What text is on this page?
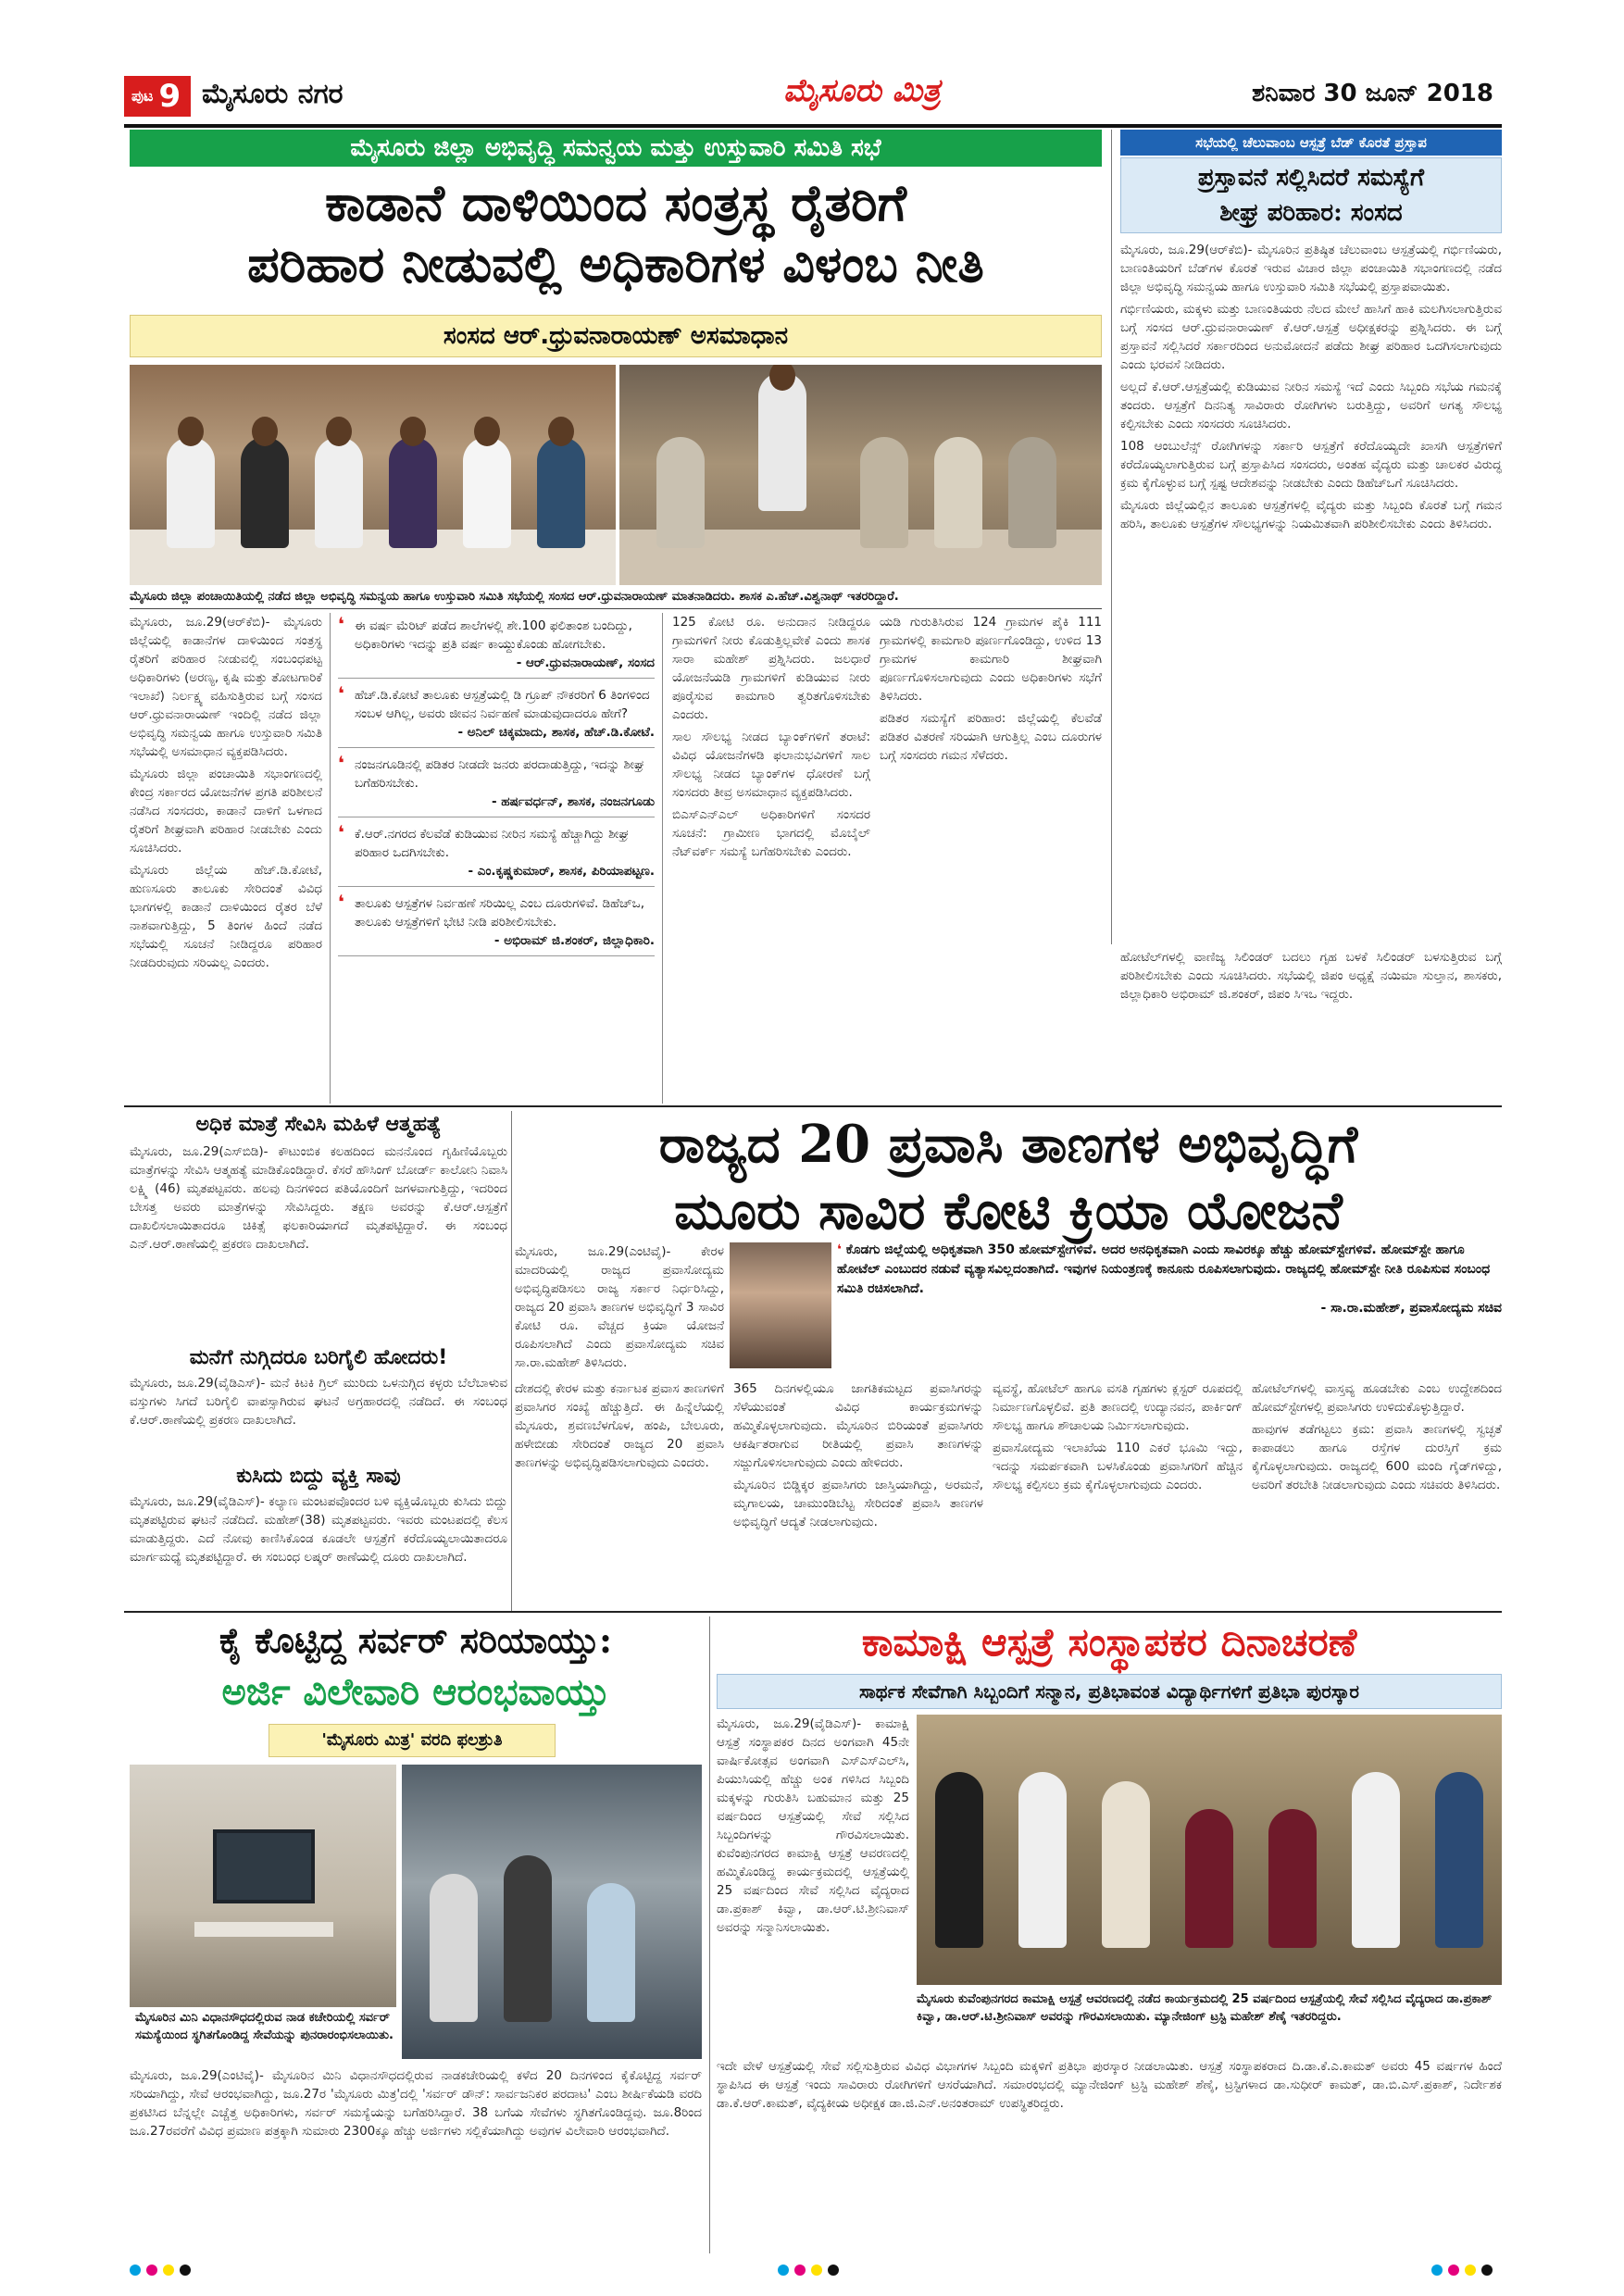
ಪುಟ 9 ಮೈಸೂರು ನಗರ	ಮೈಸೂರು ಮಿತ್ರ	ಶನಿವಾರ 30 ಜೂನ್ 2018
ಮೈಸೂರು ಜಿಲ್ಲಾ ಅಭಿವೃದ್ಧಿ ಸಮನ್ವಯ ಮತ್ತು ಉಸ್ತುವಾರಿ ಸಮಿತಿ ಸಭೆ
ಕಾಡಾನೆ ದಾಳಿಯಿಂದ ಸಂತ್ರಸ್ಥ ರೈತರಿಗೆ
ಪರಿಹಾರ ನೀಡುವಲ್ಲಿ ಅಧಿಕಾರಿಗಳ ವಿಳಂಬ ನೀತಿ
ಸಂಸದ ಆರ್.ಧ್ರುವನಾರಾಯಣ್ ಅಸಮಾಧಾನ
ಮೈಸೂರು ಜಿಲ್ಲಾ ಪಂಚಾಯಿತಿಯಲ್ಲಿ ನಡೆದ ಜಿಲ್ಲಾ ಅಭಿವೃದ್ಧಿ ಸಮನ್ವಯ ಹಾಗೂ ಉಸ್ತುವಾರಿ ಸಮಿತಿ ಸಭೆಯಲ್ಲಿ ಸಂಸದ ಆರ್.ಧ್ರುವನಾರಾಯಣ್ ಮಾತನಾಡಿದರು. ಶಾಸಕ ಎ.ಹೆಚ್.ವಿಶ್ವನಾಥ್ ಇತರರಿದ್ದಾರೆ.

ಮೈಸೂರು, ಜೂ.29(ಆರ್‌ಕೆಬಿ)- ಮೈಸೂರು ಜಿಲ್ಲೆಯಲ್ಲಿ ಕಾಡಾನೆಗಳ ದಾಳಿಯಿಂದ ಸಂತ್ರಸ್ಥ ರೈತರಿಗೆ ಪರಿಹಾರ ನೀಡುವಲ್ಲಿ ಸಂಬಂಧಪಟ್ಟ ಅಧಿಕಾರಿಗಳು (ಅರಣ್ಯ, ಕೃಷಿ ಮತ್ತು ತೋಟಗಾರಿಕೆ ಇಲಾಖೆ) ನಿರ್ಲಕ್ಷ್ಯ ವಹಿಸುತ್ತಿರುವ ಬಗ್ಗೆ ಸಂಸದ ಆರ್.ಧ್ರುವನಾರಾಯಣ್ ಇಂದಿಲ್ಲಿ ನಡೆದ ಜಿಲ್ಲಾ ಅಭಿವೃದ್ಧಿ ಸಮನ್ವಯ ಹಾಗೂ ಉಸ್ತುವಾರಿ ಸಮಿತಿ ಸಭೆಯಲ್ಲಿ ಅಸಮಾಧಾನ ವ್ಯಕ್ತಪಡಿಸಿದರು.

ಮೈಸೂರು ಜಿಲ್ಲಾ ಪಂಚಾಯಿತಿ ಸಭಾಂಗಣದಲ್ಲಿ ಕೇಂದ್ರ ಸರ್ಕಾರದ ಯೋಜನೆಗಳ ಪ್ರಗತಿ ಪರಿಶೀಲನೆ ನಡೆಸಿದ ಸಂಸದರು, ಕಾಡಾನೆ ದಾಳಿಗೆ ಒಳಗಾದ ರೈತರಿಗೆ ಶೀಘ್ರವಾಗಿ ಪರಿಹಾರ ನೀಡಬೇಕು ಎಂದು ಸೂಚಿಸಿದರು.

ಮೈಸೂರು ಜಿಲ್ಲೆಯ ಹೆಚ್.ಡಿ.ಕೋಟೆ, ಹುಣಸೂರು ತಾಲೂಕು ಸೇರಿದಂತೆ ವಿವಿಧ ಭಾಗಗಳಲ್ಲಿ ಕಾಡಾನೆ ದಾಳಿಯಿಂದ ರೈತರ ಬೆಳೆ ನಾಶವಾಗುತ್ತಿದ್ದು, 5 ತಿಂಗಳ ಹಿಂದೆ ನಡೆದ ಸಭೆಯಲ್ಲಿ ಸೂಚನೆ ನೀಡಿದ್ದರೂ ಪರಿಹಾರ ನೀಡದಿರುವುದು ಸರಿಯಲ್ಲ ಎಂದರು.

❛ ಈ ವರ್ಷ ಮೆರಿಟ್ ಪಡೆದ ಶಾಲೆಗಳಲ್ಲಿ ಶೇ.100 ಫಲಿತಾಂಶ ಬಂದಿದ್ದು, ಅಧಿಕಾರಿಗಳು ಇದನ್ನು ಪ್ರತಿ ವರ್ಷ ಕಾಯ್ದುಕೊಂಡು ಹೋಗಬೇಕು.
- ಆರ್.ಧ್ರುವನಾರಾಯಣ್, ಸಂಸದ
❛ ಹೆಚ್.ಡಿ.ಕೋಟೆ ತಾಲೂಕು ಆಸ್ಪತ್ರೆಯಲ್ಲಿ ಡಿ ಗ್ರೂಪ್ ನೌಕರರಿಗೆ 6 ತಿಂಗಳಿಂದ ಸಂಬಳ ಆಗಿಲ್ಲ, ಅವರು ಜೀವನ ನಿರ್ವಹಣೆ ಮಾಡುವುದಾದರೂ ಹೇಗೆ?
- ಅನಿಲ್ ಚಿಕ್ಕಮಾದು, ಶಾಸಕ, ಹೆಚ್.ಡಿ.ಕೋಟೆ.
❛ ನಂಜನಗೂಡಿನಲ್ಲಿ ಪಡಿತರ ನೀಡದೇ ಜನರು ಪರದಾಡುತ್ತಿದ್ದು, ಇದನ್ನು ಶೀಘ್ರ ಬಗೆಹರಿಸಬೇಕು.
- ಹರ್ಷವರ್ಧನ್, ಶಾಸಕ, ನಂಜನಗೂಡು
❛ ಕೆ.ಆರ್.ನಗರದ ಕೆಲವೆಡೆ ಕುಡಿಯುವ ನೀರಿನ ಸಮಸ್ಯೆ ಹೆಚ್ಚಾಗಿದ್ದು ಶೀಘ್ರ ಪರಿಹಾರ ಒದಗಿಸಬೇಕು.
- ಎಂ.ಕೃಷ್ಣಕುಮಾರ್, ಶಾಸಕ, ಪಿರಿಯಾಪಟ್ಟಣ.
❛ ತಾಲೂಕು ಆಸ್ಪತ್ರೆಗಳ ನಿರ್ವಹಣೆ ಸರಿಯಿಲ್ಲ ಎಂಬ ದೂರುಗಳಿವೆ. ಡಿಹೆಚ್‌ಒ, ತಾಲೂಕು ಆಸ್ಪತ್ರೆಗಳಿಗೆ ಭೇಟಿ ನೀಡಿ ಪರಿಶೀಲಿಸಬೇಕು.
- ಅಭಿರಾಮ್ ಜಿ.ಶಂಕರ್, ಜಿಲ್ಲಾಧಿಕಾರಿ.

125 ಕೋಟಿ ರೂ. ಅನುದಾನ ನೀಡಿದ್ದರೂ ಗ್ರಾಮಗಳಿಗೆ ನೀರು ಕೊಡುತ್ತಿಲ್ಲವೇಕೆ ಎಂದು ಶಾಸಕ ಸಾರಾ ಮಹೇಶ್ ಪ್ರಶ್ನಿಸಿದರು. ಜಲಧಾರೆ ಯೋಜನೆಯಡಿ ಗ್ರಾಮಗಳಿಗೆ ಕುಡಿಯುವ ನೀರು ಪೂರೈಸುವ ಕಾಮಗಾರಿ ತ್ವರಿತಗೊಳಿಸಬೇಕು ಎಂದರು.

ಸಾಲ ಸೌಲಭ್ಯ ನೀಡದ ಬ್ಯಾಂಕ್‌ಗಳಿಗೆ ತರಾಟೆ: ವಿವಿಧ ಯೋಜನೆಗಳಡಿ ಫಲಾನುಭವಿಗಳಿಗೆ ಸಾಲ ಸೌಲಭ್ಯ ನೀಡದ ಬ್ಯಾಂಕ್‌ಗಳ ಧೋರಣೆ ಬಗ್ಗೆ ಸಂಸದರು ತೀವ್ರ ಅಸಮಾಧಾನ ವ್ಯಕ್ತಪಡಿಸಿದರು.

ಬಿಎಸ್‌ಎನ್‌ಎಲ್ ಅಧಿಕಾರಿಗಳಿಗೆ ಸಂಸದರ ಸೂಚನೆ: ಗ್ರಾಮೀಣ ಭಾಗದಲ್ಲಿ ಮೊಬೈಲ್ ನೆಟ್‌ವರ್ಕ್ ಸಮಸ್ಯೆ ಬಗೆಹರಿಸಬೇಕು ಎಂದರು.

ಸಭೆಯಲ್ಲಿ ಚೆಲುವಾಂಬ ಆಸ್ಪತ್ರೆ ಬೆಡ್ ಕೊರತೆ ಪ್ರಸ್ತಾಪ
ಪ್ರಸ್ತಾವನೆ ಸಲ್ಲಿಸಿದರೆ ಸಮಸ್ಯೆಗೆ
ಶೀಘ್ರ ಪರಿಹಾರ: ಸಂಸದ

ಮೈಸೂರು, ಜೂ.29(ಆರ್‌ಕೆಬಿ)- ಮೈಸೂರಿನ ಪ್ರತಿಷ್ಠಿತ ಚೆಲುವಾಂಬ ಆಸ್ಪತ್ರೆಯಲ್ಲಿ ಗರ್ಭಿಣಿಯರು, ಬಾಣಂತಿಯರಿಗೆ ಬೆಡ್‌ಗಳ ಕೊರತೆ ಇರುವ ವಿಚಾರ ಜಿಲ್ಲಾ ಪಂಚಾಯಿತಿ ಸಭಾಂಗಣದಲ್ಲಿ ನಡೆದ ಜಿಲ್ಲಾ ಅಭಿವೃದ್ಧಿ ಸಮನ್ವಯ ಹಾಗೂ ಉಸ್ತುವಾರಿ ಸಮಿತಿ ಸಭೆಯಲ್ಲಿ ಪ್ರಸ್ತಾಪವಾಯಿತು.

ಗರ್ಭಿಣಿಯರು, ಮಕ್ಕಳು ಮತ್ತು ಬಾಣಂತಿಯರು ನೆಲದ ಮೇಲೆ ಹಾಸಿಗೆ ಹಾಕಿ ಮಲಗಿಸಲಾಗುತ್ತಿರುವ ಬಗ್ಗೆ ಸಂಸದ ಆರ್.ಧ್ರುವನಾರಾಯಣ್ ಕೆ.ಆರ್.ಆಸ್ಪತ್ರೆ ಅಧೀಕ್ಷಕರನ್ನು ಪ್ರಶ್ನಿಸಿದರು. ಈ ಬಗ್ಗೆ ಪ್ರಸ್ತಾವನೆ ಸಲ್ಲಿಸಿದರೆ ಸರ್ಕಾರದಿಂದ ಅನುಮೋದನೆ ಪಡೆದು ಶೀಘ್ರ ಪರಿಹಾರ ಒದಗಿಸಲಾಗುವುದು ಎಂದು ಭರವಸೆ ನೀಡಿದರು.

ಅಲ್ಲದೆ ಕೆ.ಆರ್.ಆಸ್ಪತ್ರೆಯಲ್ಲಿ ಕುಡಿಯುವ ನೀರಿನ ಸಮಸ್ಯೆ ಇದೆ ಎಂದು ಸಿಬ್ಬಂದಿ ಸಭೆಯ ಗಮನಕ್ಕೆ ತಂದರು. ಆಸ್ಪತ್ರೆಗೆ ದಿನನಿತ್ಯ ಸಾವಿರಾರು ರೋಗಿಗಳು ಬರುತ್ತಿದ್ದು, ಅವರಿಗೆ ಅಗತ್ಯ ಸೌಲಭ್ಯ ಕಲ್ಪಿಸಬೇಕು ಎಂದು ಸಂಸದರು ಸೂಚಿಸಿದರು.

108 ಆಂಬುಲೆನ್ಸ್ ರೋಗಿಗಳನ್ನು ಸರ್ಕಾರಿ ಆಸ್ಪತ್ರೆಗೆ ಕರೆದೊಯ್ಯದೇ ಖಾಸಗಿ ಆಸ್ಪತ್ರೆಗಳಿಗೆ ಕರೆದೊಯ್ಯಲಾಗುತ್ತಿರುವ ಬಗ್ಗೆ ಪ್ರಸ್ತಾಪಿಸಿದ ಸಂಸದರು, ಅಂತಹ ವೈದ್ಯರು ಮತ್ತು ಚಾಲಕರ ವಿರುದ್ಧ ಕ್ರಮ ಕೈಗೊಳ್ಳುವ ಬಗ್ಗೆ ಸ್ಪಷ್ಟ ಆದೇಶವನ್ನು ನೀಡಬೇಕು ಎಂದು ಡಿಹೆಚ್‌ಒಗೆ ಸೂಚಿಸಿದರು.

ಮೈಸೂರು ಜಿಲ್ಲೆಯಲ್ಲಿನ ತಾಲೂಕು ಆಸ್ಪತ್ರೆಗಳಲ್ಲಿ ವೈದ್ಯರು ಮತ್ತು ಸಿಬ್ಬಂದಿ ಕೊರತೆ ಬಗ್ಗೆ ಗಮನ ಹರಿಸಿ, ತಾಲೂಕು ಆಸ್ಪತ್ರೆಗಳ ಸೌಲಭ್ಯಗಳನ್ನು ನಿಯಮಿತವಾಗಿ ಪರಿಶೀಲಿಸಬೇಕು ಎಂದು ತಿಳಿಸಿದರು.

ಯಡಿ ಗುರುತಿಸಿರುವ 124 ಗ್ರಾಮಗಳ ಪೈಕಿ 111 ಗ್ರಾಮಗಳಲ್ಲಿ ಕಾಮಗಾರಿ ಪೂರ್ಣಗೊಂಡಿದ್ದು, ಉಳಿದ 13 ಗ್ರಾಮಗಳ ಕಾಮಗಾರಿ ಶೀಘ್ರವಾಗಿ ಪೂರ್ಣಗೊಳಿಸಲಾಗುವುದು ಎಂದು ಅಧಿಕಾರಿಗಳು ಸಭೆಗೆ ತಿಳಿಸಿದರು.

ಪಡಿತರ ಸಮಸ್ಯೆಗೆ ಪರಿಹಾರ: ಜಿಲ್ಲೆಯಲ್ಲಿ ಕೆಲವೆಡೆ ಪಡಿತರ ವಿತರಣೆ ಸರಿಯಾಗಿ ಆಗುತ್ತಿಲ್ಲ ಎಂಬ ದೂರುಗಳ ಬಗ್ಗೆ ಸಂಸದರು ಗಮನ ಸೆಳೆದರು.

ಹೋಟೆಲ್‌ಗಳಲ್ಲಿ ವಾಣಿಜ್ಯ ಸಿಲಿಂಡರ್ ಬದಲು ಗೃಹ ಬಳಕೆ ಸಿಲಿಂಡರ್ ಬಳಸುತ್ತಿರುವ ಬಗ್ಗೆ ಪರಿಶೀಲಿಸಬೇಕು ಎಂದು ಸೂಚಿಸಿದರು. ಸಭೆಯಲ್ಲಿ ಜಿಪಂ ಅಧ್ಯಕ್ಷೆ ನಯಿಮಾ ಸುಲ್ತಾನ, ಶಾಸಕರು, ಜಿಲ್ಲಾಧಿಕಾರಿ ಅಭಿರಾಮ್ ಜಿ.ಶಂಕರ್, ಜಿಪಂ ಸಿಇಒ ಇದ್ದರು.

ಅಧಿಕ ಮಾತ್ರೆ ಸೇವಿಸಿ ಮಹಿಳೆ ಆತ್ಮಹತ್ಯೆ

ಮೈಸೂರು, ಜೂ.29(ಎಸ್‌ಬಿಡಿ)- ಕೌಟುಂಬಿಕ ಕಲಹದಿಂದ ಮನನೊಂದ ಗೃಹಿಣಿಯೊಬ್ಬರು ಮಾತ್ರೆಗಳನ್ನು ಸೇವಿಸಿ ಆತ್ಮಹತ್ಯೆ ಮಾಡಿಕೊಂಡಿದ್ದಾರೆ. ಕೆಸರೆ ಹೌಸಿಂಗ್ ಬೋರ್ಡ್ ಕಾಲೋನಿ ನಿವಾಸಿ ಲಕ್ಷ್ಮಿ (46) ಮೃತಪಟ್ಟವರು. ಹಲವು ದಿನಗಳಿಂದ ಪತಿಯೊಂದಿಗೆ ಜಗಳವಾಗುತ್ತಿದ್ದು, ಇದರಿಂದ ಬೇಸತ್ತ ಅವರು ಮಾತ್ರೆಗಳನ್ನು ಸೇವಿಸಿದ್ದರು. ತಕ್ಷಣ ಅವರನ್ನು ಕೆ.ಆರ್.ಆಸ್ಪತ್ರೆಗೆ ದಾಖಲಿಸಲಾಯಿತಾದರೂ ಚಿಕಿತ್ಸೆ ಫಲಕಾರಿಯಾಗದೆ ಮೃತಪಟ್ಟಿದ್ದಾರೆ. ಈ ಸಂಬಂಧ ಎನ್.ಆರ್.ಠಾಣೆಯಲ್ಲಿ ಪ್ರಕರಣ ದಾಖಲಾಗಿದೆ.

ಮನೆಗೆ ನುಗ್ಗಿದರೂ ಬರಿಗೈಲಿ ಹೋದರು!

ಮೈಸೂರು, ಜೂ.29(ವೈಡಿಎಸ್)- ಮನೆ ಕಿಟಕಿ ಗ್ರಿಲ್ ಮುರಿದು ಒಳನುಗ್ಗಿದ ಕಳ್ಳರು ಬೆಲೆಬಾಳುವ ವಸ್ತುಗಳು ಸಿಗದೆ ಬರಿಗೈಲಿ ವಾಪಸ್ಸಾಗಿರುವ ಘಟನೆ ಅಗ್ರಹಾರದಲ್ಲಿ ನಡೆದಿದೆ. ಈ ಸಂಬಂಧ ಕೆ.ಆರ್.ಠಾಣೆಯಲ್ಲಿ ಪ್ರಕರಣ ದಾಖಲಾಗಿದೆ.

ಕುಸಿದು ಬಿದ್ದು ವ್ಯಕ್ತಿ ಸಾವು

ಮೈಸೂರು, ಜೂ.29(ವೈಡಿಎಸ್)- ಕಲ್ಯಾಣ ಮಂಟಪವೊಂದರ ಬಳಿ ವ್ಯಕ್ತಿಯೊಬ್ಬರು ಕುಸಿದು ಬಿದ್ದು ಮೃತಪಟ್ಟಿರುವ ಘಟನೆ ನಡೆದಿದೆ. ಮಹೇಶ್(38) ಮೃತಪಟ್ಟವರು. ಇವರು ಮಂಟಪದಲ್ಲಿ ಕೆಲಸ ಮಾಡುತ್ತಿದ್ದರು. ಎದೆ ನೋವು ಕಾಣಿಸಿಕೊಂಡ ಕೂಡಲೇ ಆಸ್ಪತ್ರೆಗೆ ಕರೆದೊಯ್ಯಲಾಯಿತಾದರೂ ಮಾರ್ಗಮಧ್ಯೆ ಮೃತಪಟ್ಟಿದ್ದಾರೆ. ಈ ಸಂಬಂಧ ಲಷ್ಕರ್ ಠಾಣೆಯಲ್ಲಿ ದೂರು ದಾಖಲಾಗಿದೆ.

ರಾಜ್ಯದ 20 ಪ್ರವಾಸಿ ತಾಣಗಳ ಅಭಿವೃದ್ಧಿಗೆ
ಮೂರು ಸಾವಿರ ಕೋಟಿ ಕ್ರಿಯಾ ಯೋಜನೆ

ಮೈಸೂರು, ಜೂ.29(ಎಂಟಿವೈ)- ಕೇರಳ ಮಾದರಿಯಲ್ಲಿ ರಾಜ್ಯದ ಪ್ರವಾಸೋದ್ಯಮ ಅಭಿವೃದ್ಧಿಪಡಿಸಲು ರಾಜ್ಯ ಸರ್ಕಾರ ನಿರ್ಧರಿಸಿದ್ದು, ರಾಜ್ಯದ 20 ಪ್ರವಾಸಿ ತಾಣಗಳ ಅಭಿವೃದ್ಧಿಗೆ 3 ಸಾವಿರ ಕೋಟಿ ರೂ. ವೆಚ್ಚದ ಕ್ರಿಯಾ ಯೋಜನೆ ರೂಪಿಸಲಾಗಿದೆ ಎಂದು ಪ್ರವಾಸೋದ್ಯಮ ಸಚಿವ ಸಾ.ರಾ.ಮಹೇಶ್ ತಿಳಿಸಿದರು.

❛ ಕೊಡಗು ಜಿಲ್ಲೆಯಲ್ಲಿ ಅಧಿಕೃತವಾಗಿ 350 ಹೋಮ್‌ಸ್ಟೇಗಳಿವೆ. ಅದರ ಅನಧಿಕೃತವಾಗಿ ಎಂದು ಸಾವಿರಕ್ಕೂ ಹೆಚ್ಚು ಹೋಮ್‌ಸ್ಟೇಗಳಿವೆ. ಹೋಮ್‌ಸ್ಟೇ ಹಾಗೂ ಹೋಟೆಲ್ ಎಂಬುದರ ನಡುವೆ ವ್ಯತ್ಯಾಸವಿಲ್ಲದಂತಾಗಿದೆ. ಇವುಗಳ ನಿಯಂತ್ರಣಕ್ಕೆ ಕಾನೂನು ರೂಪಿಸಲಾಗುವುದು. ರಾಜ್ಯದಲ್ಲಿ ಹೋಮ್‌ಸ್ಟೇ ನೀತಿ ರೂಪಿಸುವ ಸಂಬಂಧ ಸಮಿತಿ ರಚಿಸಲಾಗಿದೆ.
- ಸಾ.ರಾ.ಮಹೇಶ್, ಪ್ರವಾಸೋದ್ಯಮ ಸಚಿವ

ದೇಶದಲ್ಲಿ ಕೇರಳ ಮತ್ತು ಕರ್ನಾಟಕ ಪ್ರವಾಸ ತಾಣಗಳಿಗೆ ಪ್ರವಾಸಿಗರ ಸಂಖ್ಯೆ ಹೆಚ್ಚುತ್ತಿದೆ. ಈ ಹಿನ್ನೆಲೆಯಲ್ಲಿ ಮೈಸೂರು, ಶ್ರವಣಬೆಳಗೊಳ, ಹಂಪಿ, ಬೇಲೂರು, ಹಳೇಬೀಡು ಸೇರಿದಂತೆ ರಾಜ್ಯದ 20 ಪ್ರವಾಸಿ ತಾಣಗಳನ್ನು ಅಭಿವೃದ್ಧಿಪಡಿಸಲಾಗುವುದು ಎಂದರು.

365 ದಿನಗಳಲ್ಲಿಯೂ ಜಾಗತಿಕಮಟ್ಟದ ಪ್ರವಾಸಿಗರನ್ನು ಸೆಳೆಯುವಂತೆ ವಿವಿಧ ಕಾರ್ಯಕ್ರಮಗಳನ್ನು ಹಮ್ಮಿಕೊಳ್ಳಲಾಗುವುದು. ಮೈಸೂರಿನ ಬಿರಿಯಂತೆ ಪ್ರವಾಸಿಗರು ಆಕರ್ಷಿತರಾಗುವ ರೀತಿಯಲ್ಲಿ ಪ್ರವಾಸಿ ತಾಣಗಳನ್ನು ಸಜ್ಜುಗೊಳಿಸಲಾಗುವುದು ಎಂದು ಹೇಳಿದರು.

ಮೈಸೂರಿನ ಬಿಡ್ಡಿಕ್ಕರ ಪ್ರವಾಸಿಗರು ಜಾಸ್ತಿಯಾಗಿದ್ದು, ಅರಮನೆ, ಮೃಗಾಲಯ, ಚಾಮುಂಡಿಬೆಟ್ಟ ಸೇರಿದಂತೆ ಪ್ರವಾಸಿ ತಾಣಗಳ ಅಭಿವೃದ್ಧಿಗೆ ಆದ್ಯತೆ ನೀಡಲಾಗುವುದು.

ವ್ಯವಸ್ಥೆ, ಹೋಟೆಲ್ ಹಾಗೂ ವಸತಿ ಗೃಹಗಳು ಕ್ಲಸ್ಟರ್ ರೂಪದಲ್ಲಿ ನಿರ್ಮಾಣಗೊಳ್ಳಲಿವೆ. ಪ್ರತಿ ತಾಣದಲ್ಲಿ ಉದ್ಯಾನವನ, ಪಾರ್ಕಿಂಗ್ ಸೌಲಭ್ಯ ಹಾಗೂ ಶೌಚಾಲಯ ನಿರ್ಮಿಸಲಾಗುವುದು.

ಪ್ರವಾಸೋದ್ಯಮ ಇಲಾಖೆಯ 110 ಎಕರೆ ಭೂಮಿ ಇದ್ದು, ಇದನ್ನು ಸಮರ್ಪಕವಾಗಿ ಬಳಸಿಕೊಂಡು ಪ್ರವಾಸಿಗರಿಗೆ ಹೆಚ್ಚಿನ ಸೌಲಭ್ಯ ಕಲ್ಪಿಸಲು ಕ್ರಮ ಕೈಗೊಳ್ಳಲಾಗುವುದು ಎಂದರು.

ಹೋಟೆಲ್‌ಗಳಲ್ಲಿ ವಾಸ್ತವ್ಯ ಹೂಡಬೇಕು ಎಂಬ ಉದ್ದೇಶದಿಂದ ಹೋಮ್‌ಸ್ಟೇಗಳಲ್ಲಿ ಪ್ರವಾಸಿಗರು ಉಳಿದುಕೊಳ್ಳುತ್ತಿದ್ದಾರೆ.

ಹಾವುಗಳ ತಡೆಗಟ್ಟಲು ಕ್ರಮ: ಪ್ರವಾಸಿ ತಾಣಗಳಲ್ಲಿ ಸ್ವಚ್ಛತೆ ಕಾಪಾಡಲು ಹಾಗೂ ರಸ್ತೆಗಳ ದುರಸ್ತಿಗೆ ಕ್ರಮ ಕೈಗೊಳ್ಳಲಾಗುವುದು. ರಾಜ್ಯದಲ್ಲಿ 600 ಮಂದಿ ಗೈಡ್‌ಗಳಿದ್ದು, ಅವರಿಗೆ ತರಬೇತಿ ನೀಡಲಾಗುವುದು ಎಂದು ಸಚಿವರು ತಿಳಿಸಿದರು.

ಕೈ ಕೊಟ್ಟಿದ್ದ ಸರ್ವರ್ ಸರಿಯಾಯ್ತು:
ಅರ್ಜಿ ವಿಲೇವಾರಿ ಆರಂಭವಾಯ್ತು
'ಮೈಸೂರು ಮಿತ್ರ' ವರದಿ ಫಲಶ್ರುತಿ
ಮೈಸೂರಿನ ಮಿನಿ ವಿಧಾನಸೌಧದಲ್ಲಿರುವ ನಾಡ ಕಚೇರಿಯಲ್ಲಿ ಸರ್ವರ್ ಸಮಸ್ಯೆಯಿಂದ ಸ್ಥಗಿತಗೊಂಡಿದ್ದ ಸೇವೆಯನ್ನು ಪುನರಾರಂಭಿಸಲಾಯಿತು.

ಮೈಸೂರು, ಜೂ.29(ಎಂಟಿವೈ)- ಮೈಸೂರಿನ ಮಿನಿ ವಿಧಾನಸೌಧದಲ್ಲಿರುವ ನಾಡಕಚೇರಿಯಲ್ಲಿ ಕಳೆದ 20 ದಿನಗಳಿಂದ ಕೈಕೊಟ್ಟಿದ್ದ ಸರ್ವರ್ ಸರಿಯಾಗಿದ್ದು, ಸೇವೆ ಆರಂಭವಾಗಿದ್ದು, ಜೂ.27ರ 'ಮೈಸೂರು ಮಿತ್ರ'ದಲ್ಲಿ 'ಸರ್ವರ್ ಡೌನ್: ಸಾರ್ವಜನಿಕರ ಪರದಾಟ' ಎಂಬ ಶೀರ್ಷಿಕೆಯಡಿ ವರದಿ ಪ್ರಕಟಿಸಿದ ಬೆನ್ನಲ್ಲೇ ಎಚ್ಚೆತ್ತ ಅಧಿಕಾರಿಗಳು, ಸರ್ವರ್ ಸಮಸ್ಯೆಯನ್ನು ಬಗೆಹರಿಸಿದ್ದಾರೆ. 38 ಬಗೆಯ ಸೇವೆಗಳು ಸ್ಥಗಿತಗೊಂಡಿದ್ದವು. ಜೂ.8ರಿಂದ ಜೂ.27ರವರೆಗೆ ವಿವಿಧ ಪ್ರಮಾಣ ಪತ್ರಕ್ಕಾಗಿ ಸುಮಾರು 2300ಕ್ಕೂ ಹೆಚ್ಚು ಅರ್ಜಿಗಳು ಸಲ್ಲಿಕೆಯಾಗಿದ್ದು ಅವುಗಳ ವಿಲೇವಾರಿ ಆರಂಭವಾಗಿದೆ.

ಕಾಮಾಕ್ಷಿ ಆಸ್ಪತ್ರೆ ಸಂಸ್ಥಾಪಕರ ದಿನಾಚರಣೆ
ಸಾರ್ಥಕ ಸೇವೆಗಾಗಿ ಸಿಬ್ಬಂದಿಗೆ ಸನ್ಮಾನ, ಪ್ರತಿಭಾವಂತ ವಿದ್ಯಾರ್ಥಿಗಳಿಗೆ ಪ್ರತಿಭಾ ಪುರಸ್ಕಾರ

ಮೈಸೂರು, ಜೂ.29(ವೈಡಿಎಸ್)- ಕಾಮಾಕ್ಷಿ ಆಸ್ಪತ್ರೆ ಸಂಸ್ಥಾಪಕರ ದಿನದ ಅಂಗವಾಗಿ 45ನೇ ವಾರ್ಷಿಕೋತ್ಸವ ಅಂಗವಾಗಿ ಎಸ್‌ಎಸ್‌ಎಲ್‌ಸಿ, ಪಿಯುಸಿಯಲ್ಲಿ ಹೆಚ್ಚು ಅಂಕ ಗಳಿಸಿದ ಸಿಬ್ಬಂದಿ ಮಕ್ಕಳನ್ನು ಗುರುತಿಸಿ ಬಹುಮಾನ ಮತ್ತು 25 ವರ್ಷದಿಂದ ಆಸ್ಪತ್ರೆಯಲ್ಲಿ ಸೇವೆ ಸಲ್ಲಿಸಿದ ಸಿಬ್ಬಂದಿಗಳನ್ನು ಗೌರವಿಸಲಾಯಿತು. ಕುವೆಂಪುನಗರದ ಕಾಮಾಕ್ಷಿ ಆಸ್ಪತ್ರೆ ಆವರಣದಲ್ಲಿ ಹಮ್ಮಿಕೊಂಡಿದ್ದ ಕಾರ್ಯಕ್ರಮದಲ್ಲಿ ಆಸ್ಪತ್ರೆಯಲ್ಲಿ 25 ವರ್ಷದಿಂದ ಸೇವೆ ಸಲ್ಲಿಸಿದ ವೈದ್ಯರಾದ ಡಾ.ಪ್ರಕಾಶ್ ಕಿವ್ವಾ, ಡಾ.ಆರ್.ಟಿ.ಶ್ರೀನಿವಾಸ್ ಅವರನ್ನು ಸನ್ಮಾನಿಸಲಾಯಿತು.

ಮೈಸೂರು ಕುವೆಂಪುನಗರದ ಕಾಮಾಕ್ಷಿ ಆಸ್ಪತ್ರೆ ಆವರಣದಲ್ಲಿ ನಡೆದ ಕಾರ್ಯಕ್ರಮದಲ್ಲಿ 25 ವರ್ಷದಿಂದ ಆಸ್ಪತ್ರೆಯಲ್ಲಿ ಸೇವೆ ಸಲ್ಲಿಸಿದ ವೈದ್ಯರಾದ ಡಾ.ಪ್ರಕಾಶ್ ಕಿವ್ವಾ, ಡಾ.ಆರ್.ಟಿ.ಶ್ರೀನಿವಾಸ್ ಅವರನ್ನು ಗೌರವಿಸಲಾಯಿತು. ಮ್ಯಾನೇಜಿಂಗ್ ಟ್ರಸ್ಟಿ ಮಹೇಶ್ ಶೆಣೈ ಇತರರಿದ್ದರು.

ಇದೇ ವೇಳೆ ಆಸ್ಪತ್ರೆಯಲ್ಲಿ ಸೇವೆ ಸಲ್ಲಿಸುತ್ತಿರುವ ವಿವಿಧ ವಿಭಾಗಗಳ ಸಿಬ್ಬಂದಿ ಮಕ್ಕಳಿಗೆ ಪ್ರತಿಭಾ ಪುರಸ್ಕಾರ ನೀಡಲಾಯಿತು. ಆಸ್ಪತ್ರೆ ಸಂಸ್ಥಾಪಕರಾದ ದಿ.ಡಾ.ಕೆ.ಎ.ಕಾಮತ್ ಅವರು 45 ವರ್ಷಗಳ ಹಿಂದೆ ಸ್ಥಾಪಿಸಿದ ಈ ಆಸ್ಪತ್ರೆ ಇಂದು ಸಾವಿರಾರು ರೋಗಿಗಳಿಗೆ ಆಸರೆಯಾಗಿದೆ. ಸಮಾರಂಭದಲ್ಲಿ ಮ್ಯಾನೇಜಿಂಗ್ ಟ್ರಸ್ಟಿ ಮಹೇಶ್ ಶೆಣೈ, ಟ್ರಸ್ಟಿಗಳಾದ ಡಾ.ಸುಧೀರ್ ಕಾಮತ್, ಡಾ.ಬಿ.ಎಸ್.ಪ್ರಕಾಶ್, ನಿರ್ದೇಶಕ ಡಾ.ಕೆ.ಆರ್.ಕಾಮತ್, ವೈದ್ಯಕೀಯ ಅಧೀಕ್ಷಕ ಡಾ.ಜಿ.ಎನ್.ಅನಂತರಾಮ್ ಉಪಸ್ಥಿತರಿದ್ದರು.
